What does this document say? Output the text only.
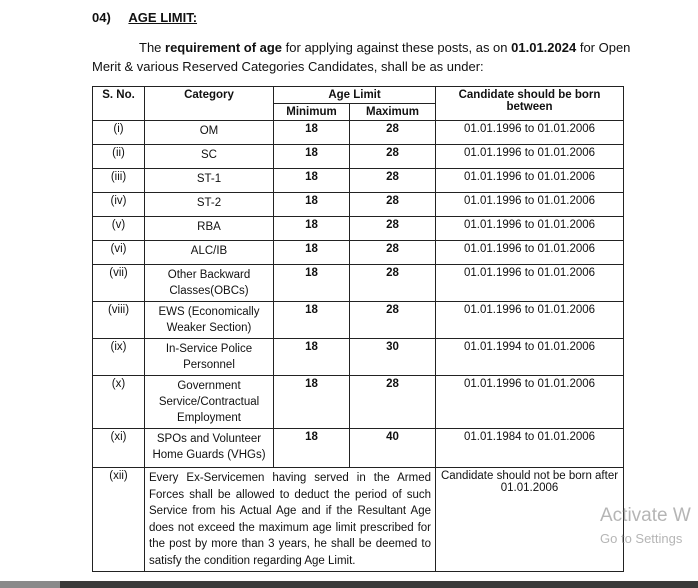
04) AGE LIMIT:
The requirement of age for applying against these posts, as on 01.01.2024 for Open Merit & various Reserved Categories Candidates, shall be as under:
S. No.	Category	Age Limit		Candidate should be born between
		Minimum	Maximum	
(i)	OM	18	28	01.01.1996 to 01.01.2006
(ii)	SC	18	28	01.01.1996 to 01.01.2006
(iii)	ST-1	18	28	01.01.1996 to 01.01.2006
(iv)	ST-2	18	28	01.01.1996 to 01.01.2006
(v)	RBA	18	28	01.01.1996 to 01.01.2006
(vi)	ALC/IB	18	28	01.01.1996 to 01.01.2006
(vii)	Other Backward Classes(OBCs)	18	28	01.01.1996 to 01.01.2006
(viii)	EWS (Economically Weaker Section)	18	28	01.01.1996 to 01.01.2006
(ix)	In-Service Police Personnel	18	30	01.01.1994 to 01.01.2006
(x)	Government Service/Contractual Employment	18	28	01.01.1996 to 01.01.2006
(xi)	SPOs and Volunteer Home Guards (VHGs)	18	40	01.01.1984 to 01.01.2006
(xii)	Every Ex-Servicemen having served in the Armed Forces shall be allowed to deduct the period of such Service from his Actual Age and if the Resultant Age does not exceed the maximum age limit prescribed for the post by more than 3 years, he shall be deemed to satisfy the condition regarding Age Limit.			Candidate should not be born after 01.01.2006
Activate W
Go to Settings
